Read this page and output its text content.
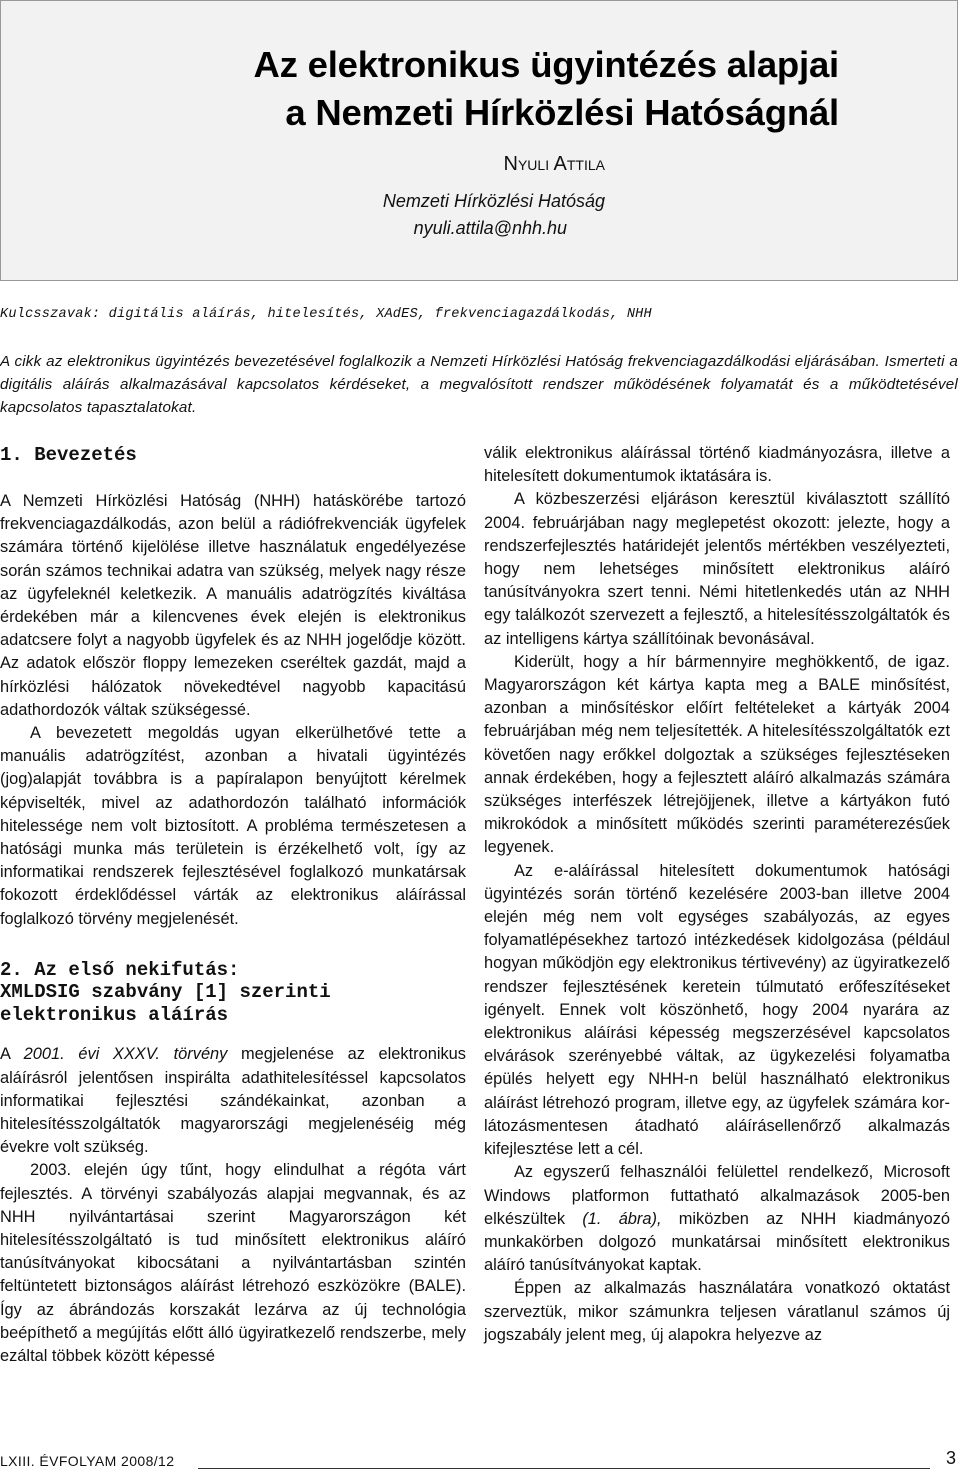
Az elektronikus ügyintézés alapjai
a Nemzeti Hírközlési Hatóságnál
Nyuli Attila
Nemzeti Hírközlési Hatóság
nyuli.attila@nhh.hu
Kulcsszavak: digitális aláírás, hitelesítés, XAdES, frekvenciagazdálkodás, NHH
A cikk az elektronikus ügyintézés bevezetésével foglalkozik a Nemzeti Hírközlési Hatóság frekvenciagazdálkodási eljárásában. Ismerteti a digitális aláírás alkalmazásával kapcsolatos kérdéseket, a megvalósított rendszer működésének folyamatát és a működtetésével kapcsolatos tapasztalatokat.
1. Bevezetés

A Nemzeti Hírközlési Hatóság (NHH) hatáskörébe tartozó frekvenciagazdálkodás, azon belül a rádiófrekvenciák ügyfelek számára történő kijelölése illetve használatuk engedélyezése során számos technikai adatra van szükség, melyek nagy része az ügyfeleknél keletkezik. A manuális adatrögzítés kiváltása érdekében már a kilencvenes évek elején is elektronikus adatcsere folyt a nagyobb ügyfelek és az NHH jogelődje között. Az adatok először floppy lemezeken cseréltek gazdát, majd a hírközlési hálózatok növekedtével nagyobb kapacitású adathordozók váltak szükségessé.

A bevezetett megoldás ugyan elkerülhetővé tette a manuális adatrögzítést, azonban a hivatali ügyintézés (jog)alapját továbbra is a papíralapon benyújtott kérelmek képviselték, mivel az adathordozón található információk hitelessége nem volt biztosított. A probléma természetesen a hatósági munka más területein is érzékelhető volt, így az informatikai rendszerek fejlesztésével foglalkozó munkatársak fokozott érdeklődéssel várták az elektronikus aláírással foglalkozó törvény megjelenését.

2. Az első nekifutás:
XMLDSIG szabvány [1] szerinti
elektronikus aláírás

A 2001. évi XXXV. törvény megjelenése az elektronikus aláírásról jelentősen inspirálta adathitelesítéssel kapcsolatos informatikai fejlesztési szándékainkat, azonban a hitelesítésszolgáltatók magyarországi megjelenéséig még évekre volt szükség.

2003. elején úgy tűnt, hogy elindulhat a régóta várt fejlesztés. A törvényi szabályozás alapjai megvannak, és az NHH nyilvántartásai szerint Magyarországon két hitelesítésszolgáltató is tud minősített elektronikus aláíró tanúsítványokat kibocsátani a nyilvántartásban szintén feltüntetett biztonságos aláírást létrehozó eszközökre (BALE). Így az ábrándozás korszakát lezárva az új technológia beépíthető a megújítás előtt álló ügyiratkezelő rendszerbe, mely ezáltal többek között képessé

válik elektronikus aláírással történő kiadmányozásra, illetve a hitelesített dokumentumok iktatására is.

A közbeszerzési eljáráson keresztül kiválasztott szállító 2004. februárjában nagy meglepetést okozott: jelezte, hogy a rendszerfejlesztés határidejét jelentős mértékben veszélyezteti, hogy nem lehetséges minősített elektronikus aláíró tanúsítványokra szert tenni. Némi hitetlenkedés után az NHH egy találkozót szervezett a fejlesztő, a hitelesítésszolgáltatók és az intelligens kártya szállítóinak bevonásával.

Kiderült, hogy a hír bármennyire meghökkentő, de igaz. Magyarországon két kártya kapta meg a BALE minősítést, azonban a minősítéskor előírt feltételeket a kártyák 2004 februárjában még nem teljesítették. A hitelesítésszolgáltatók ezt követően nagy erőkkel dolgoztak a szükséges fejlesztéseken annak érdekében, hogy a fejlesztett aláíró alkalmazás számára szükséges interfészek létrejöjjenek, illetve a kártyákon futó mikrokódok a minősített működés szerinti paraméterezésűek legyenek.

Az e-aláírással hitelesített dokumentumok hatósági ügyintézés során történő kezelésére 2003-ban illetve 2004 elején még nem volt egységes szabályozás, az egyes folyamatlépésekhez tartozó intézkedések kidolgozása (például hogyan működjön egy elektronikus tértivevény) az ügyiratkezelő rendszer fejlesztésének keretein túlmutató erőfeszítéseket igényelt. Ennek volt köszönhető, hogy 2004 nyarára az elektronikus aláírási képesség megszerzésével kapcsolatos elvárások szerényebbé váltak, az ügykezelési folyamatba épülés helyett egy NHH-n belül használható elektronikus aláírást létrehozó program, illetve egy, az ügyfelek számára korlátozásmentesen átadható aláírásellenőrző alkalmazás kifejlesztése lett a cél.

Az egyszerű felhasználói felülettel rendelkező, Microsoft Windows platformon futtatható alkalmazások 2005-ben elkészültek (1. ábra), miközben az NHH kiadmányozó munkakörben dolgozó munkatársai minősített elektronikus aláíró tanúsítványokat kaptak.

Éppen az alkalmazás használatára vonatkozó oktatást szerveztük, mikor számunkra teljesen váratlanul számos új jogszabály jelent meg, új alapokra helyezve az

LXIII. ÉVFOLYAM 2008/12	3
